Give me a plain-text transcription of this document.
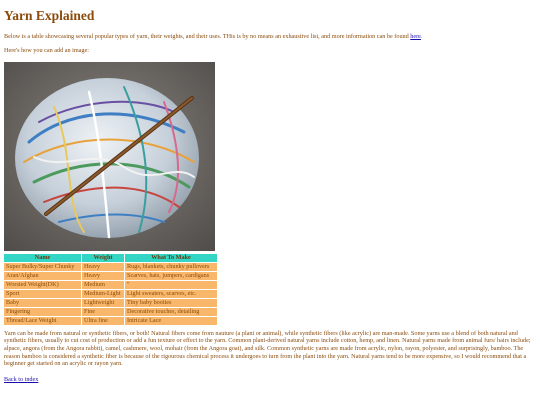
Yarn Explained

Below is a table showcasing several popular types of yarn, their weights, and their uses. THis is by no means an exhaustive list, and more information can be found here.

Here's how you can add an image:

Name	Weight	What To Make
Super Bulky/Super Chunky	Heavy	Rugs, blankets, chunky pullovers
Aran/Afghan	Heavy	Scarves, hats, jumpers, cardigans
Worsted Weight(DK)	Medium	"
Sport	Medium-Light	Light sweaters, scarves, etc.
Baby	Lightweight	Tiny baby booties
Fingering	Fine	Decorative touches, detailing
Thread/Lace Weight	Ultra fine	Intricate Lace

Yarn can be made from natural or synthetic fibers, or both! Natural fibers come from nauture (a plant or animal), while synthetic fibers (like acrylic) are man-made. Some yarns use a blend of both natural and synthetic fibers, usually to cut cost of production or add a fun texture or effect to the yarn. Common plant-derived natural yarns include cotton, hemp, and linen. Natural yarns made from animal furs/ hairs include; alpace, angora (from the Angora rabbit), camel, cashmere, wool, mohair (from the Angora goat), and silk. Common synthetic yarns are made from acrylic, nylon, rayon, polyester, and surprisingly, bamboo. The reason bamboo is considered a synthetic fiber is because of the rigourous chemical process it undergoes to turn from the plant into the yarn. Natural yarns tend to be more expensive, so I would recommend that a beginner get started on an acrylic or rayon yarn.

Back to index
